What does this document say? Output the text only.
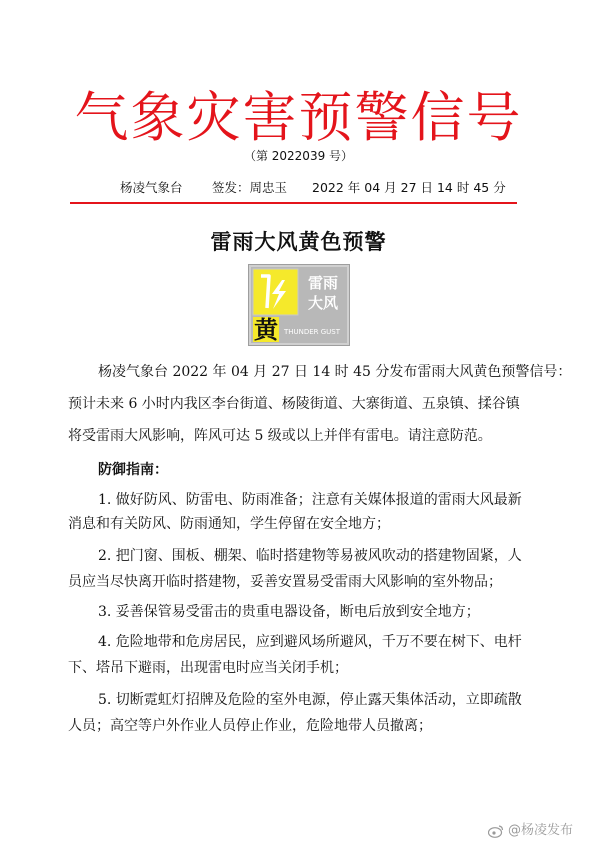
气象灾害预警信号
（第 2022039 号）
杨凌气象台 签发：周忠玉 2022 年 04 月 27 日 14 时 45 分
雷雨大风黄色预警
雷雨
大风
黄 THUNDER GUST
杨凌气象台 2022 年 04 月 27 日 14 时 45 分发布雷雨大风黄色预警信号：
预计未来 6 小时内我区李台街道、杨陵街道、大寨街道、五泉镇、揉谷镇
将受雷雨大风影响，阵风可达 5 级或以上并伴有雷电。请注意防范。
防御指南：
1. 做好防风、防雷电、防雨准备；注意有关媒体报道的雷雨大风最新
消息和有关防风、防雨通知，学生停留在安全地方；
2. 把门窗、围板、棚架、临时搭建物等易被风吹动的搭建物固紧，人
员应当尽快离开临时搭建物，妥善安置易受雷雨大风影响的室外物品；
3. 妥善保管易受雷击的贵重电器设备，断电后放到安全地方；
4. 危险地带和危房居民，应到避风场所避风，千万不要在树下、电杆
下、塔吊下避雨，出现雷电时应当关闭手机；
5. 切断霓虹灯招牌及危险的室外电源，停止露天集体活动，立即疏散
人员；高空等户外作业人员停止作业，危险地带人员撤离；
@杨凌发布
